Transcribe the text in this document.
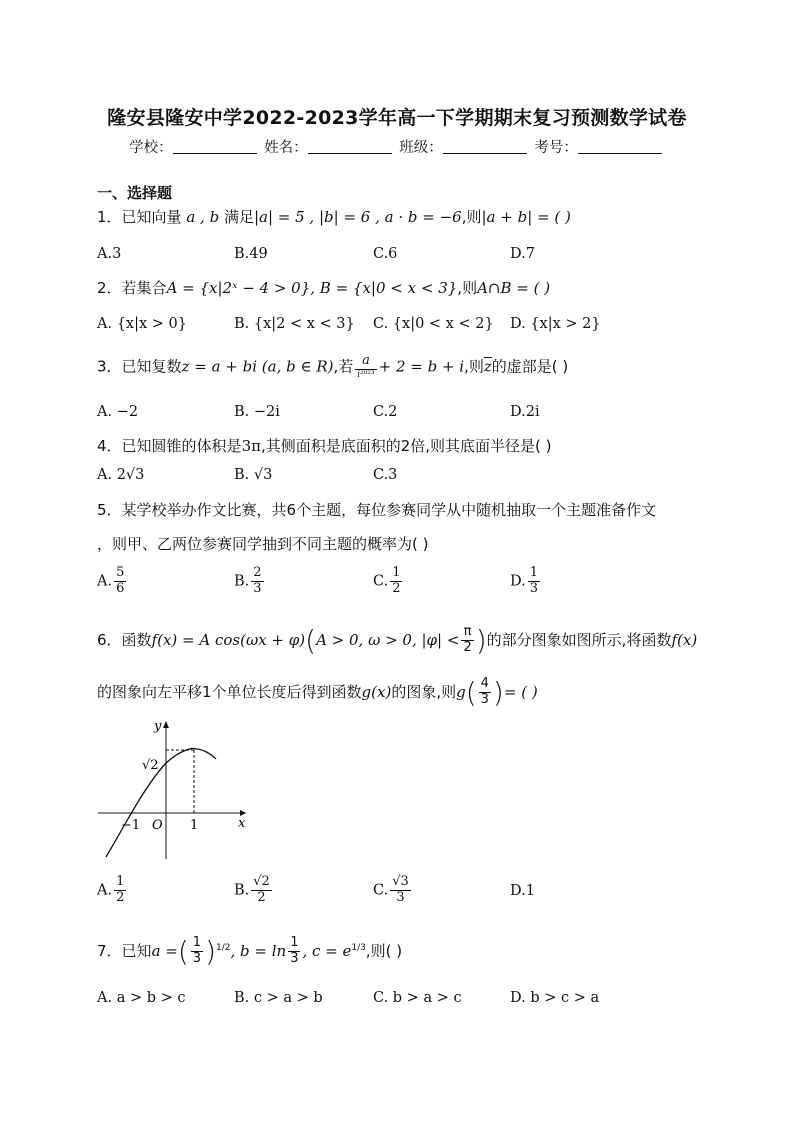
隆安县隆安中学2022-2023学年高一下学期期末复习预测数学试卷
学校：	姓名：	班级：	考号：
一、选择题
1．已知向量 a , b 满足|a| = 5 , |b| = 6 , a · b = −6,则|a + b| = ( )
A.3	B.49	C.6	D.7
2．若集合A = {x|2ˣ − 4 > 0}, B = {x|0 < x < 3},则A∩B = ( )
A. {x|x > 0}	B. {x|2 < x < 3} C. {x|0 < x < 2} D. {x|x > 2}
3．已知复数z = a + bi (a, b ∈ R),若 $\frac{a}{\text{i²⁰²³}} + 2 = b + i$,则$\overline{z}$的虚部是( )
A. −2	B. −2i	C.2	D.2i
4．已知圆锥的体积是3π,其侧面积是底面积的2倍,则其底面半径是( )
A. 2√3	B. √3	C.3
5．某学校举办作文比赛，共6个主题，每位参赛同学从中随机抽取一个主题准备作文
，则甲、乙两位参赛同学抽到不同主题的概率为( )
A. $\frac{5}{6}$	B. $\frac{2}{3}$	C. $\frac{1}{2}$	D. $\frac{1}{3}$
6．函数f(x) = A cos(ωx + φ)(A > 0, ω > 0, $|\varphi| < \frac{\pi}{2}$ )的部分图象如图所示,将函数f(x)
的图象向左平移1个单位长度后得到函数g(x)的图象,则$g( \frac{4}{3}$ )= ( )
y
x
O
−1	1
√2
A. $\frac{1}{2}$	B. $\frac{√2}{2}$	C. $\frac{√3}{3}$	D.1
7．已知a =( $\frac{1}{3} )^{1/2}$, $b = \ln \frac{1}{3}$ , $c = e^{1/3}$,则( )
A. a > b > c	B. c > a > b	C. b > a > c	D. b > c > a
